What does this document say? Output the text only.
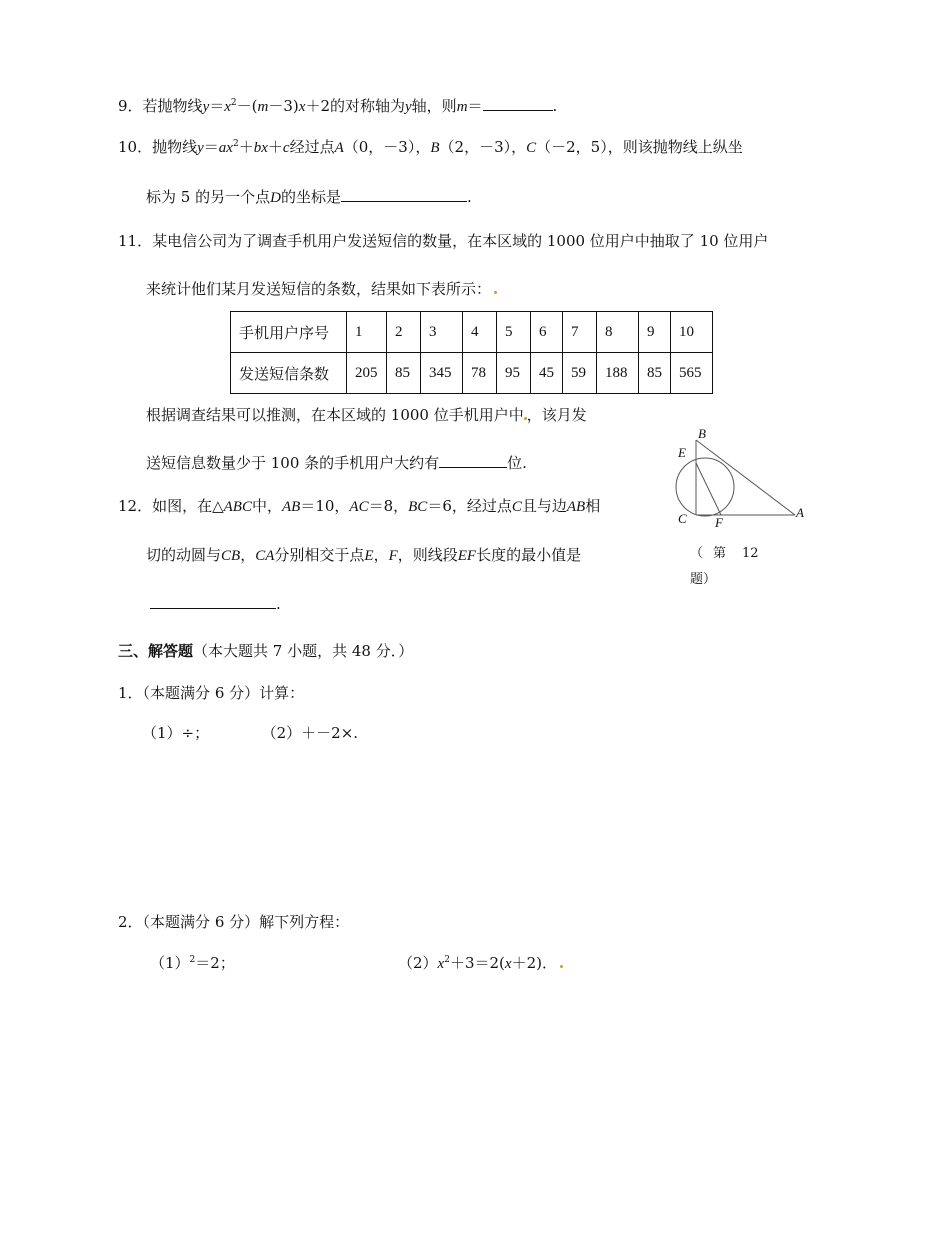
9．若抛物线$y=x^2-(m-3)x+2$的对称轴为y轴，则m＝	.
10．抛物线$y=ax^2+bx+c$经过点A（0，－3），B（2，－3），C（－2，5），则该抛物线上纵坐
标为 5 的另一个点D的坐标是	.
11．某电信公司为了调查手机用户发送短信的数量，在本区域的 1000 位用户中抽取了 10 位用户
来统计他们某月发送短信的条数，结果如下表所示：
手机用户序号	1	2	3	4	5	6	7	8	9	10
发送短信条数	205	85	345	78	95	45	59	188	85	565
根据调查结果可以推测，在本区域的 1000 位手机用户中 ，该月发
送短信息数量少于 100 条的手机用户大约有	位.
12．如图，在△ABC中，AB＝10，AC＝8，BC＝6，经过点C且与边AB相
切的动圆与CB，CA分别相交于点E，F，则线段EF长度的最小值是
.
B
E
C F
A
（ 第 12
题）
三、解答题（本大题共 7 小题，共 48 分．）
1．（本题满分 6 分）计算：
（1）÷；	（2）＋－2×.
2．（本题满分 6 分）解下列方程：
$(1)^2=2$；	$(2)x^2+3=2(x+2)$．
